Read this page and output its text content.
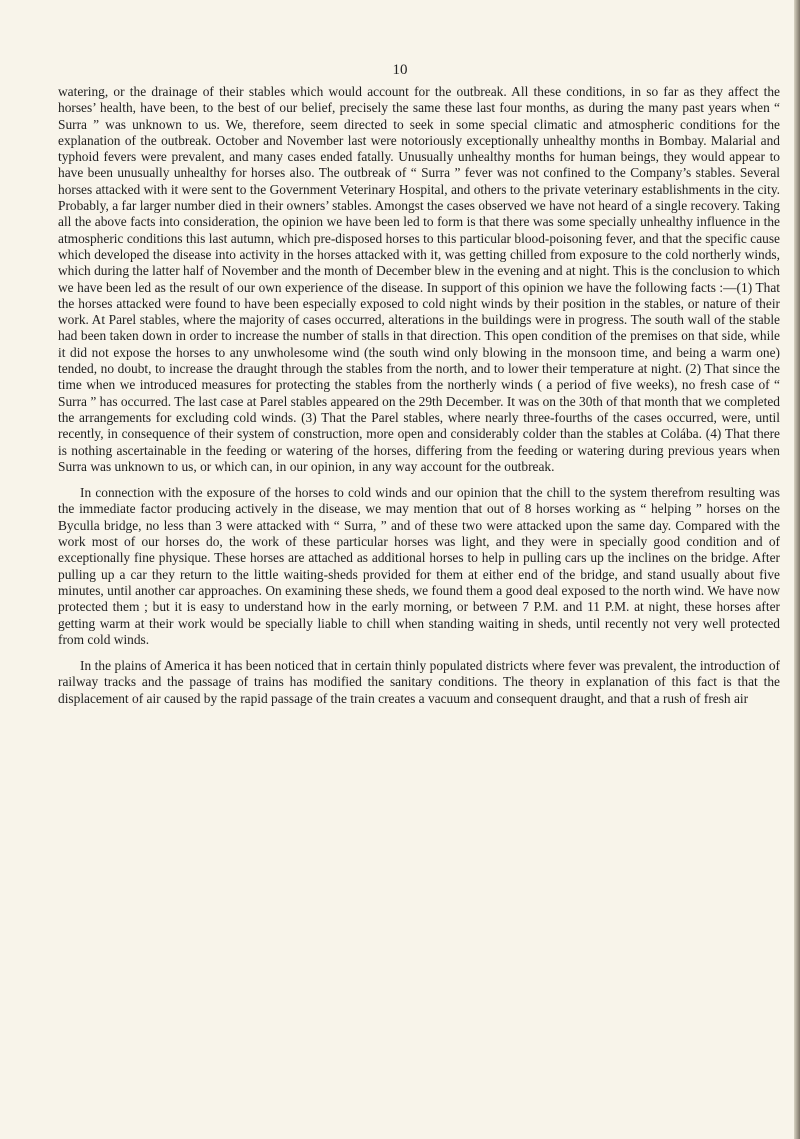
10

watering, or the drainage of their stables which would account for the outbreak. All these conditions, in so far as they affect the horses’ health, have been, to the best of our belief, precisely the same these last four months, as during the many past years when “ Surra ” was unknown to us. We, therefore, seem directed to seek in some special climatic and atmospheric conditions for the explanation of the outbreak. October and November last were notoriously exceptionally unhealthy months in Bombay. Malarial and typhoid fevers were prevalent, and many cases ended fatally. Unusually unhealthy months for human beings, they would appear to have been unusually unhealthy for horses also. The outbreak of “ Surra ” fever was not confined to the Company’s stables. Several horses attacked with it were sent to the Government Veterinary Hospital, and others to the private veterinary establishments in the city. Probably, a far larger number died in their owners’ stables. Amongst the cases observed we have not heard of a single recovery. Taking all the above facts into consideration, the opinion we have been led to form is that there was some specially unhealthy influence in the atmospheric conditions this last autumn, which pre-disposed horses to this particular blood-poisoning fever, and that the specific cause which developed the disease into activity in the horses attacked with it, was getting chilled from exposure to the cold northerly winds, which during the latter half of November and the month of December blew in the evening and at night. This is the conclusion to which we have been led as the result of our own experience of the disease. In support of this opinion we have the following facts :—(1) That the horses attacked were found to have been especially exposed to cold night winds by their position in the stables, or nature of their work. At Parel stables, where the majority of cases occurred, alterations in the buildings were in progress. The south wall of the stable had been taken down in order to increase the number of stalls in that direction. This open condition of the premises on that side, while it did not expose the horses to any unwholesome wind (the south wind only blowing in the monsoon time, and being a warm one) tended, no doubt, to increase the draught through the stables from the north, and to lower their temperature at night. (2) That since the time when we introduced measures for protecting the stables from the northerly winds ( a period of five weeks), no fresh case of “ Surra ” has occurred. The last case at Parel stables appeared on the 29th December. It was on the 30th of that month that we completed the arrangements for excluding cold winds. (3) That the Parel stables, where nearly three-fourths of the cases occurred, were, until recently, in consequence of their system of construction, more open and considerably colder than the stables at Colába. (4) That there is nothing ascertainable in the feeding or watering of the horses, differing from the feeding or watering during previous years when Surra was unknown to us, or which can, in our opinion, in any way account for the outbreak.

In connection with the exposure of the horses to cold winds and our opinion that the chill to the system therefrom resulting was the immediate factor producing actively in the disease, we may mention that out of 8 horses working as “ helping ” horses on the Byculla bridge, no less than 3 were attacked with “ Surra, ” and of these two were attacked upon the same day. Compared with the work most of our horses do, the work of these particular horses was light, and they were in specially good condition and of exceptionally fine physique. These horses are attached as additional horses to help in pulling cars up the inclines on the bridge. After pulling up a car they return to the little waiting-sheds provided for them at either end of the bridge, and stand usually about five minutes, until another car approaches. On examining these sheds, we found them a good deal exposed to the north wind. We have now protected them ; but it is easy to understand how in the early morning, or between 7 P.M. and 11 P.M. at night, these horses after getting warm at their work would be specially liable to chill when standing waiting in sheds, until recently not very well protected from cold winds.

In the plains of America it has been noticed that in certain thinly populated districts where fever was prevalent, the introduction of railway tracks and the passage of trains has modified the sanitary conditions. The theory in explanation of this fact is that the displacement of air caused by the rapid passage of the train creates a vacuum and consequent draught, and that a rush of fresh air
